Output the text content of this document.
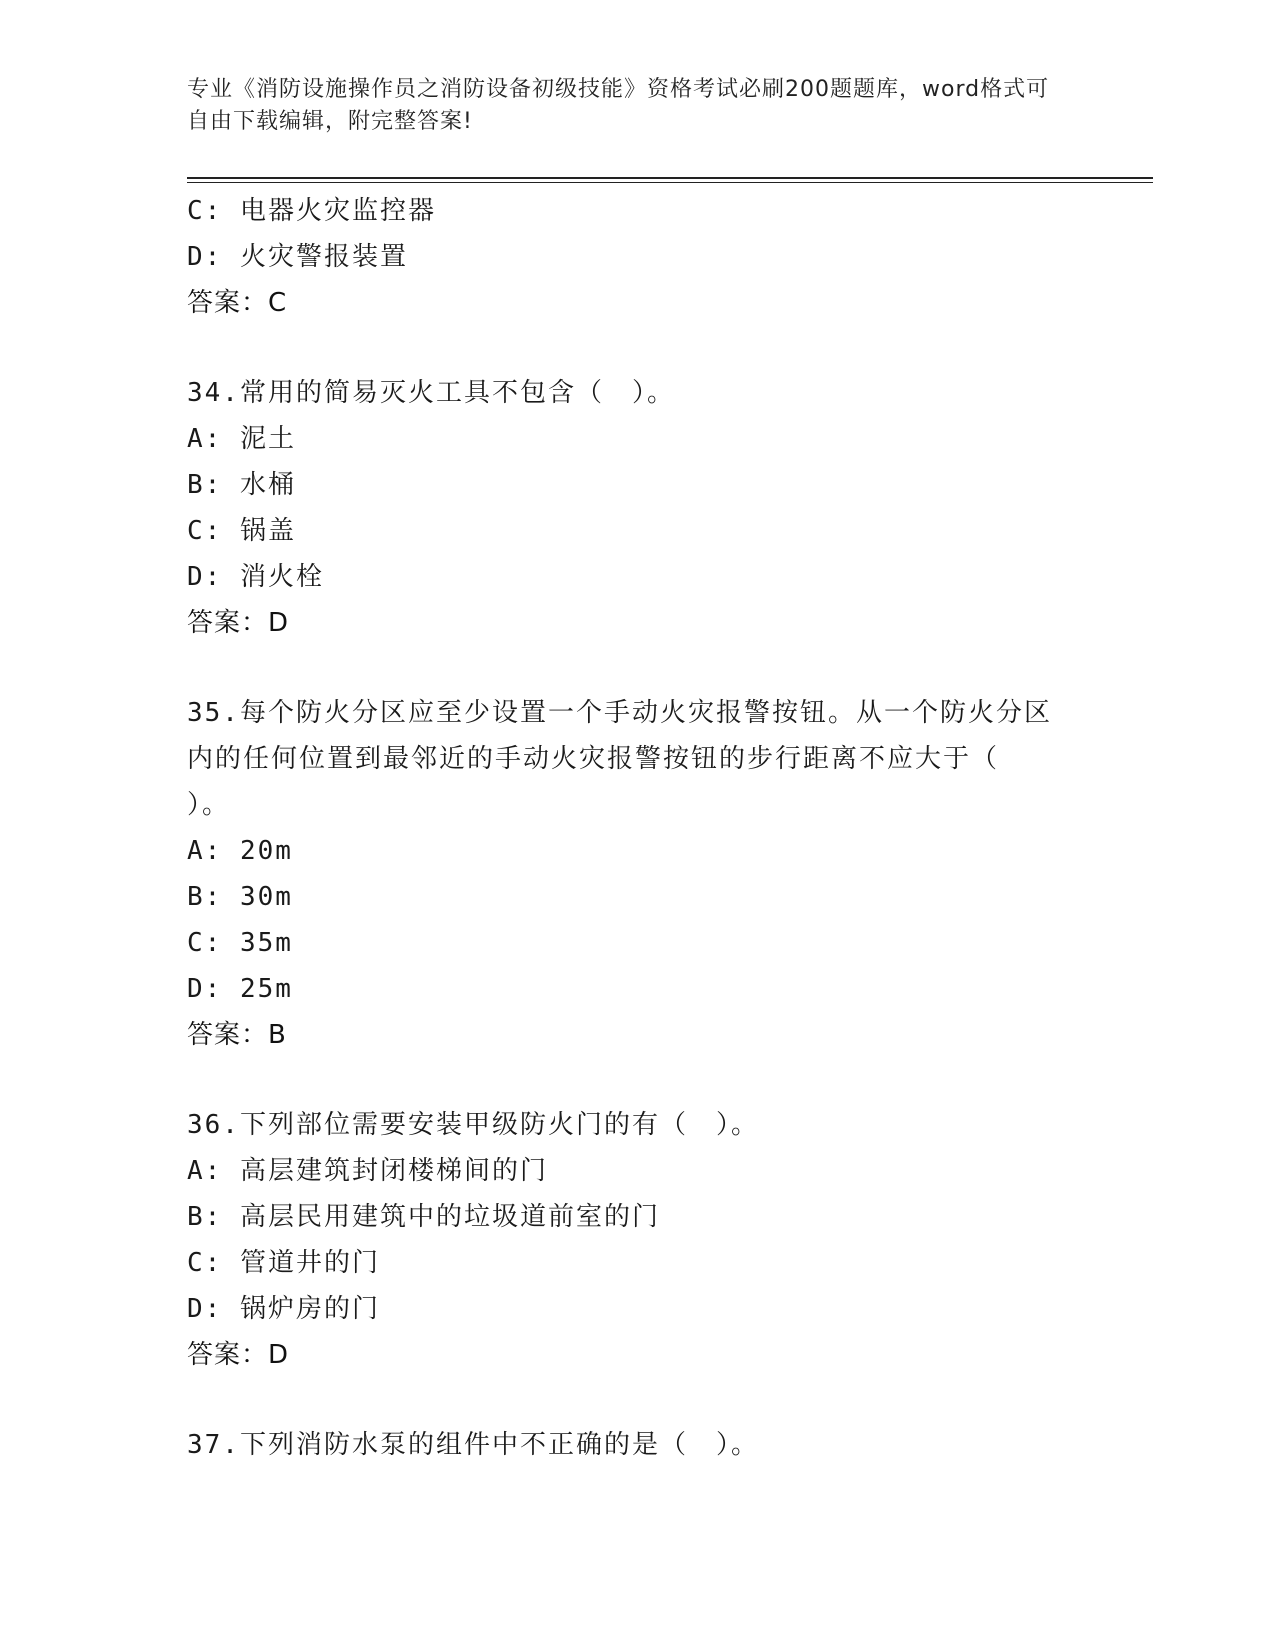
专业《消防设施操作员之消防设备初级技能》资格考试必刷200题题库，word格式可自由下载编辑，附完整答案!
C: 电器火灾监控器
D: 火灾警报装置
答案：C
34.常用的简易灭火工具不包含（　）。
A: 泥土
B: 水桶
C: 锅盖
D: 消火栓
答案：D
35.每个防火分区应至少设置一个手动火灾报警按钮。从一个防火分区
内的任何位置到最邻近的手动火灾报警按钮的步行距离不应大于（
）。
A: 20m
B: 30m
C: 35m
D: 25m
答案：B
36.下列部位需要安装甲级防火门的有（　）。
A: 高层建筑封闭楼梯间的门
B: 高层民用建筑中的垃圾道前室的门
C: 管道井的门
D: 锅炉房的门
答案：D
37.下列消防水泵的组件中不正确的是（　）。
